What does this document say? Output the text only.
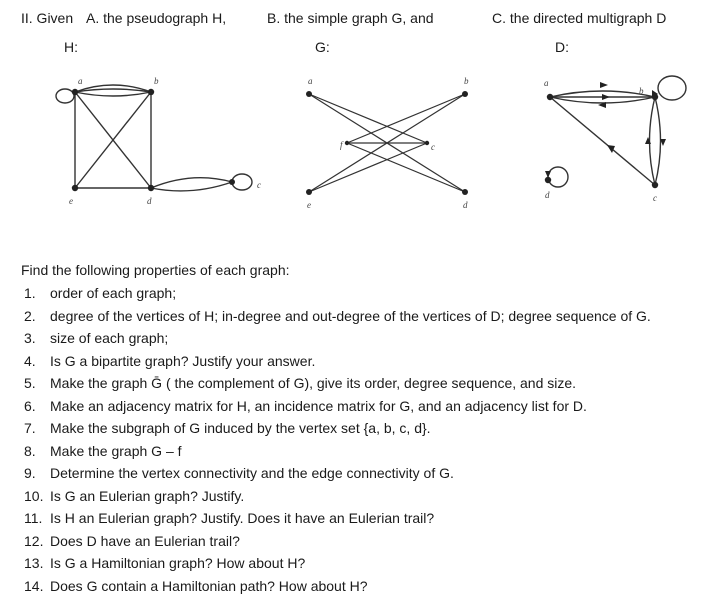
II. Given A. the pseudograph H,	B. the simple graph G, and	C. the directed multigraph D
H:	G:	D:
a	b
c
d
e
a	b
c
d
e
f
a
b
c
d
Find the following properties of each graph:
1.	order of each graph;
2.	degree of the vertices of H; in-degree and out-degree of the vertices of D; degree sequence of G.
3.	size of each graph;
4.	Is G a bipartite graph? Justify your answer.
5.	Make the graph Ḡ ( the complement of G), give its order, degree sequence, and size.
6.	Make an adjacency matrix for H, an incidence matrix for G, and an adjacency list for D.
7.	Make the subgraph of G induced by the vertex set {a, b, c, d}.
8.	Make the graph G – f
9.	Determine the vertex connectivity and the edge connectivity of G.
10. Is G an Eulerian graph? Justify.
11. Is H an Eulerian graph? Justify. Does it have an Eulerian trail?
12. Does D have an Eulerian trail?
13. Is G a Hamiltonian graph? How about H?
14. Does G contain a Hamiltonian path? How about H?
